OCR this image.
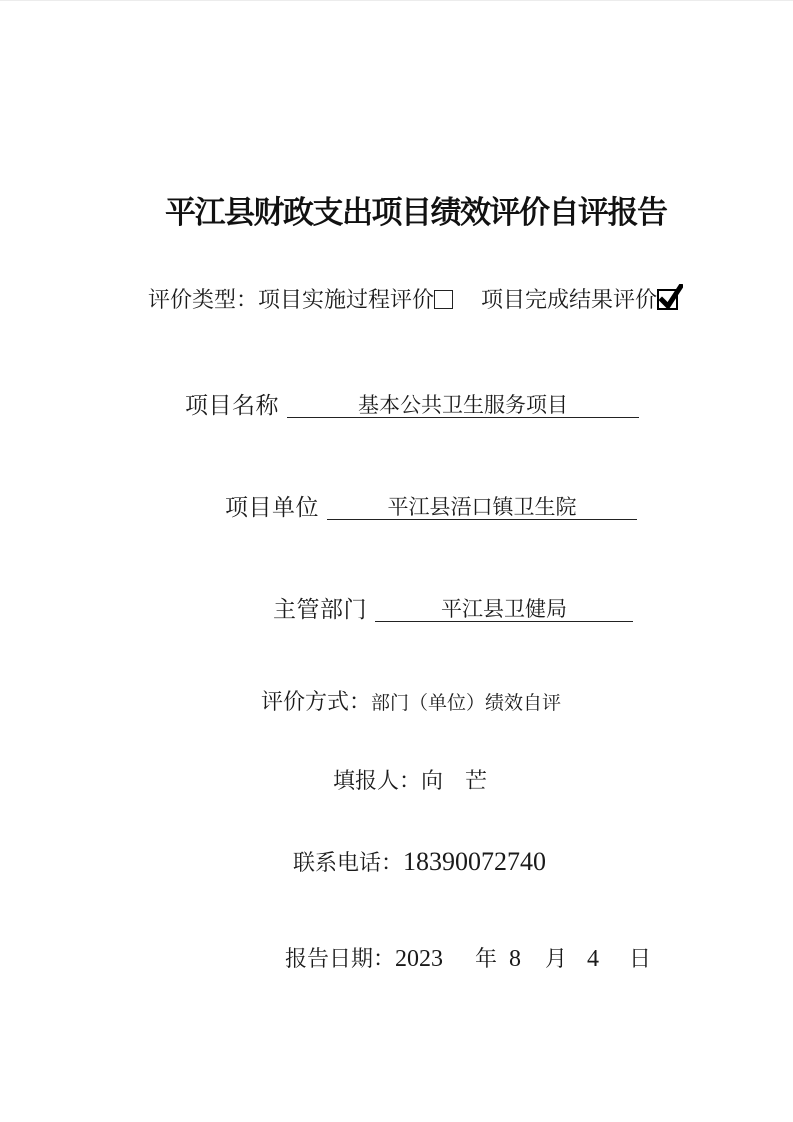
平江县财政支出项目绩效评价自评报告
评价类型：项目实施过程评价 项目完成结果评价
项目名称	基本公共卫生服务项目
项目单位	平江县浯口镇卫生院
主管部门	平江县卫健局
评价方式：部门（单位）绩效自评
填报人：向　芒
联系电话：18390072740
报告日期：2023 年 8 月 4 日
